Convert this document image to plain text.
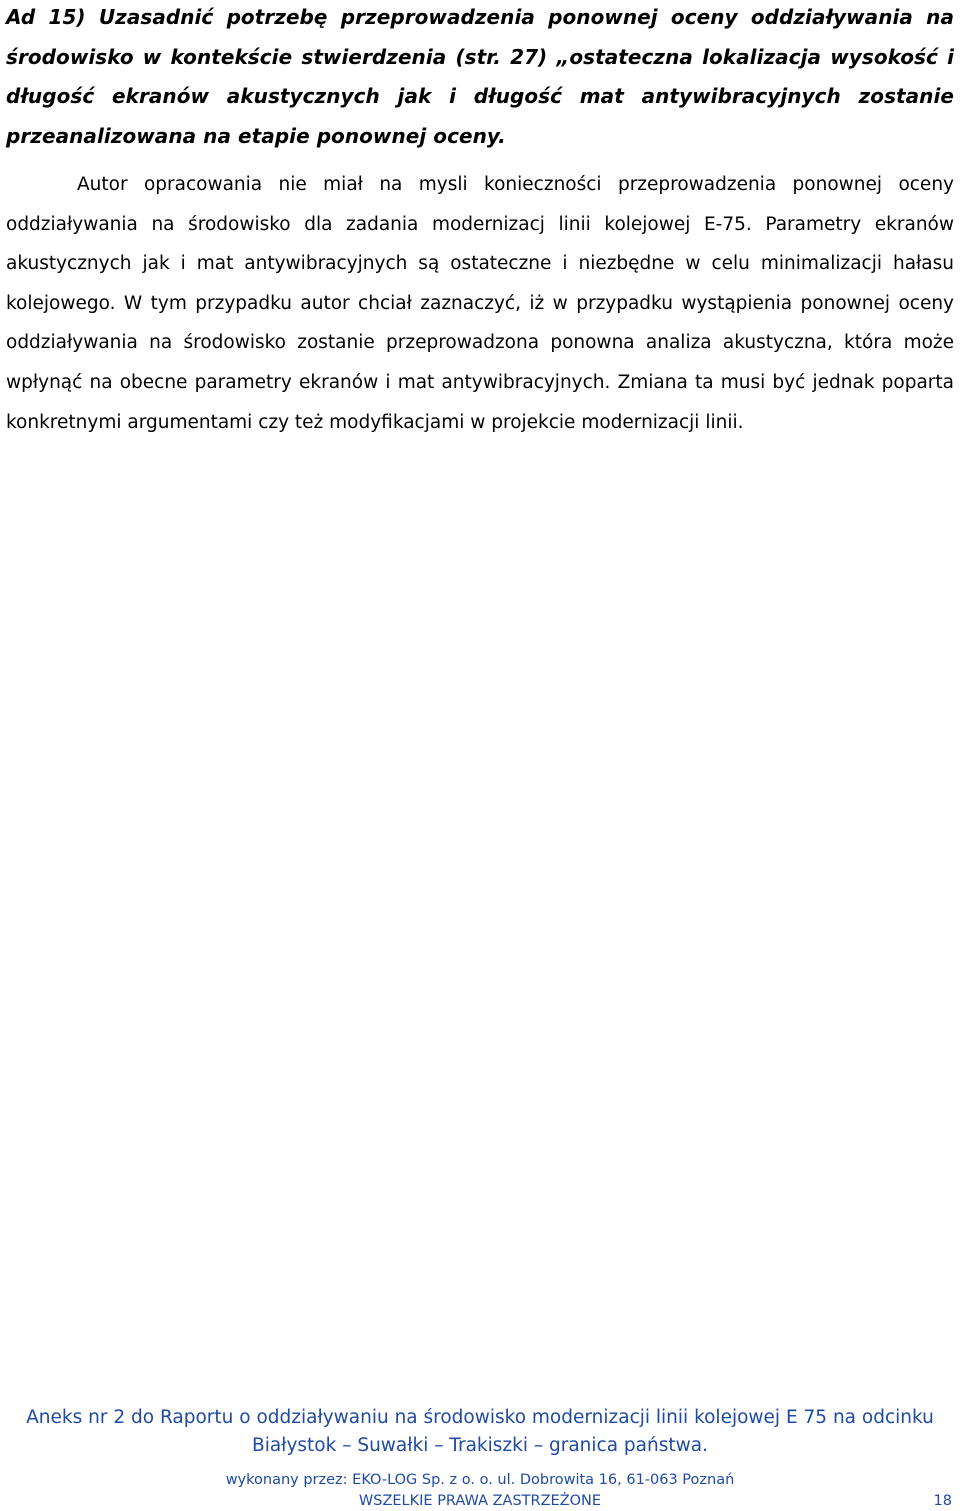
Ad 15) Uzasadnić potrzebę przeprowadzenia ponownej oceny oddziaływania na środowisko w kontekście stwierdzenia (str. 27) „ostateczna lokalizacja wysokość i długość ekranów akustycznych jak i długość mat antywibracyjnych zostanie przeanalizowana na etapie ponownej oceny.

Autor opracowania nie miał na mysli konieczności przeprowadzenia ponownej oceny oddziaływania na środowisko dla zadania modernizacj linii kolejowej E-75. Parametry ekranów akustycznych jak i mat antywibracyjnych są ostateczne i niezbędne w celu minimalizacji hałasu kolejowego. W tym przypadku autor chciał zaznaczyć, iż w przypadku wystąpienia ponownej oceny oddziaływania na środowisko zostanie przeprowadzona ponowna analiza akustyczna, która może wpłynąć na obecne parametry ekranów i mat antywibracyjnych. Zmiana ta musi być jednak poparta konkretnymi argumentami czy też modyfikacjami w projekcie modernizacji linii.

Aneks nr 2 do Raportu o oddziaływaniu na środowisko modernizacji linii kolejowej E 75 na odcinku
Białystok – Suwałki – Trakiszki – granica państwa.
wykonany przez: EKO-LOG Sp. z o. o. ul. Dobrowita 16, 61-063 Poznań
WSZELKIE PRAWA ZASTRZEŻONE	18
